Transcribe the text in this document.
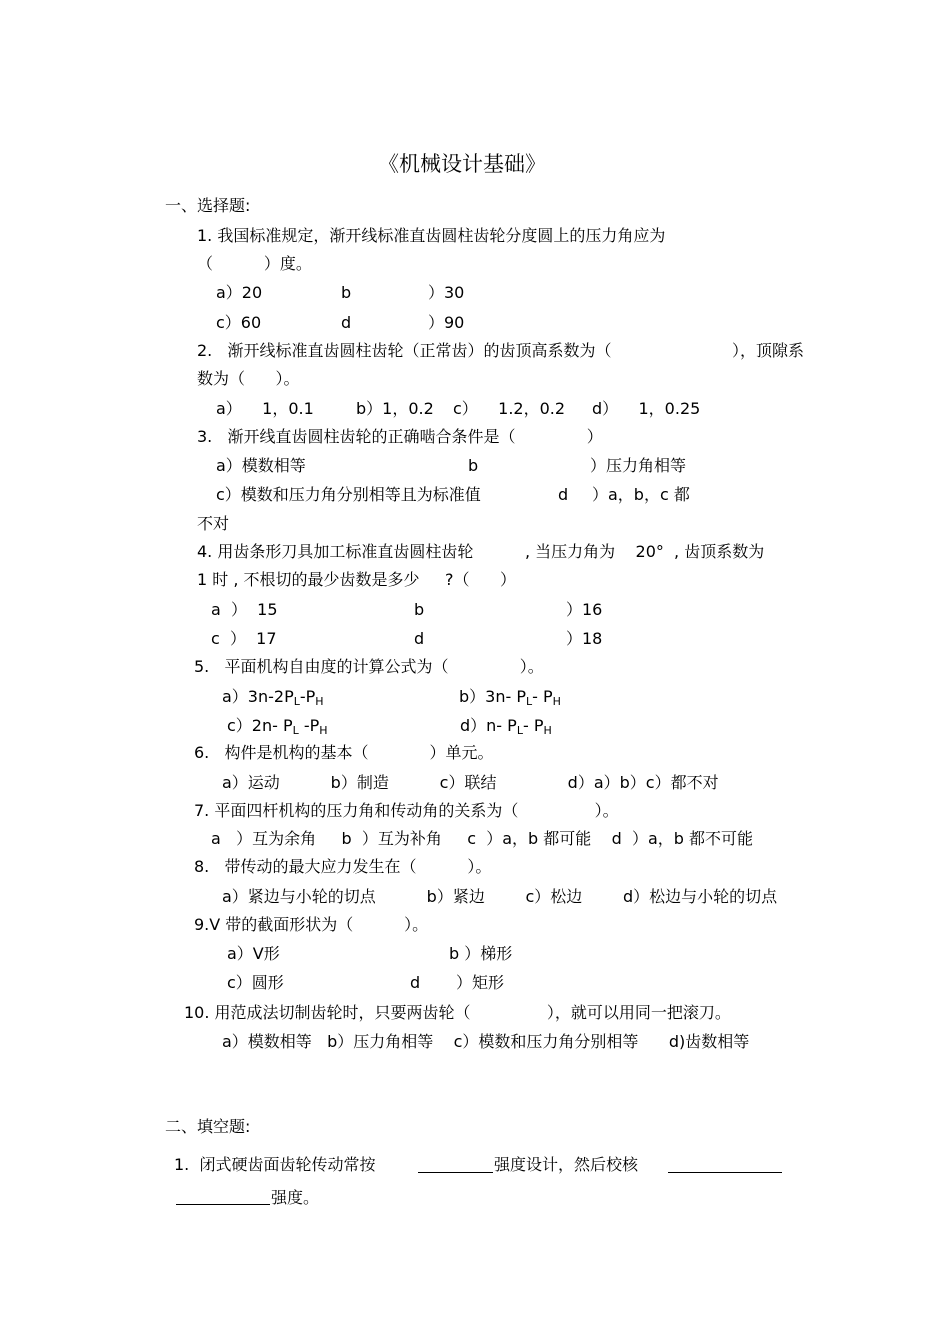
《机械设计基础》
一、选择题:
1. 我国标准规定，渐开线标准直齿圆柱齿轮分度圆上的压力角应为
（          ）度。
a）20	b	）30
c）60	d	）90
2.   渐开线标准直齿圆柱齿轮（正常齿）的齿顶高系数为（	），顶隙系
数为（      ）。
a）    1，0.1	b）1，0.2 c）    1.2，0.2 d）    1，0.25
3.   渐开线直齿圆柱齿轮的正确啮合条件是（              ）
a）模数相等	b	）压力角相等
c）模数和压力角分别相等且为标准值	d ）a，b，c 都
不对
4. 用齿条形刀具加工标准直齿圆柱齿轮	, 当压力角为    20°  , 齿顶系数为
1 时 , 不根切的最少齿数是多少     ?（      ）
a  ）  15	b	）16
c  ）  17	d	）18
5.   平面机构自由度的计算公式为（              ）。
a）3n-2PL-PH	b）3n- PL- PH
c）2n- PL -PH	d）n- PL- PH
6.   构件是机构的基本（            ）单元。
a）运动          b）制造          c）联结              d）a）b）c）都不对
7. 平面四杆机构的压力角和传动角的关系为（               ）。
a   ）互为余角     b  ）互为补角     c  ）a，b 都可能    d  ）a，b 都不可能
8.   带传动的最大应力发生在（          ）。
a）紧边与小轮的切点          b）紧边        c）松边        d）松边与小轮的切点
9.V 带的截面形状为（          ）。
a）V形	b ）梯形
c）圆形	d ）矩形
10. 用范成法切制齿轮时，只要两齿轮（               ），就可以用同一把滚刀。
a）模数相等   b）压力角相等    c）模数和压力角分别相等      d)齿数相等
二、填空题:
1.  闭式硬齿面齿轮传动常按	强度设计，然后校核
强度。
